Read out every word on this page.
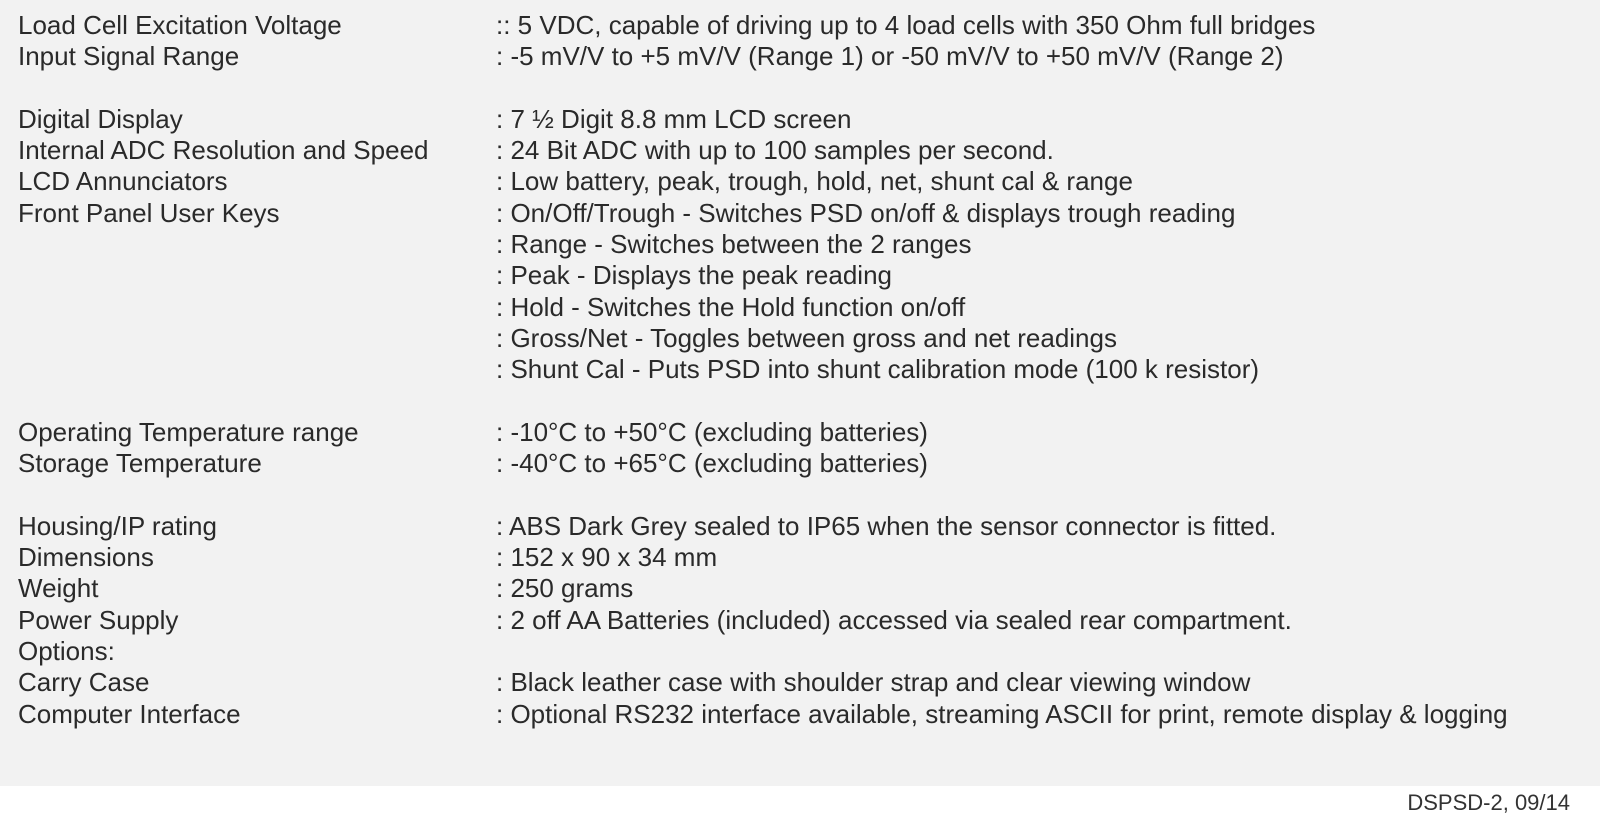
Load Cell Excitation Voltage	:: 5 VDC, capable of driving up to 4 load cells with 350 Ohm full bridges
Input Signal Range	: -5 mV/V to +5 mV/V (Range 1) or -50 mV/V to +50 mV/V (Range 2)
Digital Display	: 7 ½ Digit 8.8 mm LCD screen
Internal ADC Resolution and Speed	: 24 Bit ADC with up to 100 samples per second.
LCD Annunciators	: Low battery, peak, trough, hold, net, shunt cal & range
Front Panel User Keys	: On/Off/Trough - Switches PSD on/off & displays trough reading
: Range - Switches between the 2 ranges
: Peak - Displays the peak reading
: Hold - Switches the Hold function on/off
: Gross/Net - Toggles between gross and net readings
: Shunt Cal - Puts PSD into shunt calibration mode (100 k resistor)
Operating Temperature range	: -10°C to +50°C (excluding batteries)
Storage Temperature	: -40°C to +65°C (excluding batteries)
Housing/IP rating	: ABS Dark Grey sealed to IP65 when the sensor connector is fitted.
Dimensions	: 152 x 90 x 34 mm
Weight	: 250 grams
Power Supply	: 2 off AA Batteries (included) accessed via sealed rear compartment.
Options:
Carry Case	: Black leather case with shoulder strap and clear viewing window
Computer Interface	: Optional RS232 interface available, streaming ASCII for print, remote display & logging
DSPSD-2, 09/14
